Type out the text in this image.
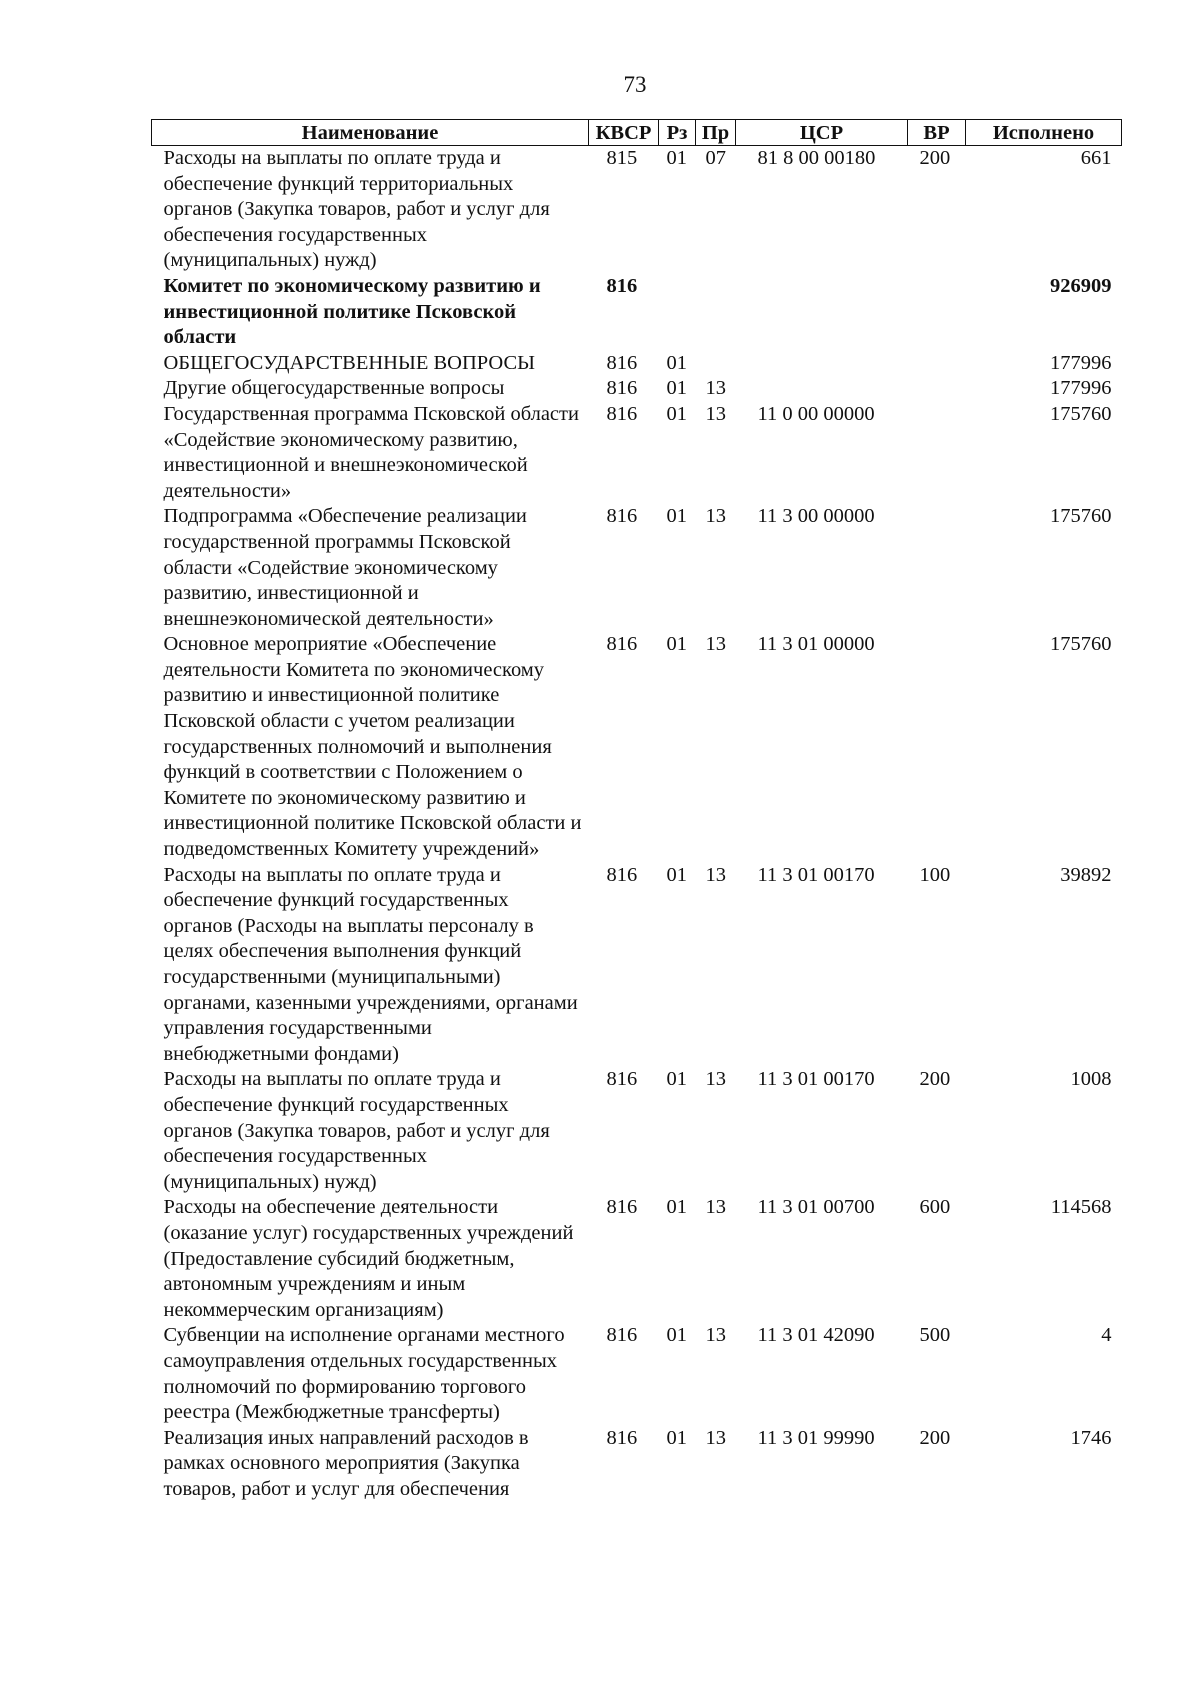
73
Наименование	КВСР	Рз	Пр	ЦСР	ВР	Исполнено
Расходы на выплаты по оплате труда и обеспечение функций территориальных органов (Закупка товаров, работ и услуг для обеспечения государственных (муниципальных) нужд)	815	01	07	81 8 00 00180	200	661
Комитет по экономическому развитию и инвестиционной политике Псковской области	816					926909
ОБЩЕГОСУДАРСТВЕННЫЕ ВОПРОСЫ	816	01				177996
Другие общегосударственные вопросы	816	01	13			177996
Государственная программа Псковской области «Содействие экономическому развитию, инвестиционной и внешнеэкономической деятельности»	816	01	13	11 0 00 00000		175760
Подпрограмма «Обеспечение реализации государственной программы Псковской области «Содействие экономическому развитию, инвестиционной и внешнеэкономической деятельности»	816	01	13	11 3 00 00000		175760
Основное мероприятие «Обеспечение деятельности Комитета по экономическому развитию и инвестиционной политике Псковской области с учетом реализации государственных полномочий и выполнения функций в соответствии с Положением о Комитете по экономическому развитию и инвестиционной политике Псковской области и подведомственных Комитету учреждений»	816	01	13	11 3 01 00000		175760
Расходы на выплаты по оплате труда и обеспечение функций государственных органов (Расходы на выплаты персоналу в целях обеспечения выполнения функций государственными (муниципальными) органами, казенными учреждениями, органами управления государственными внебюджетными фондами)	816	01	13	11 3 01 00170	100	39892
Расходы на выплаты по оплате труда и обеспечение функций государственных органов (Закупка товаров, работ и услуг для обеспечения государственных (муниципальных) нужд)	816	01	13	11 3 01 00170	200	1008
Расходы на обеспечение деятельности (оказание услуг) государственных учреждений (Предоставление субсидий бюджетным, автономным учреждениям и иным некоммерческим организациям)	816	01	13	11 3 01 00700	600	114568
Субвенции на исполнение органами местного самоуправления отдельных государственных полномочий по формированию торгового реестра (Межбюджетные трансферты)	816	01	13	11 3 01 42090	500	4
Реализация иных направлений расходов в рамках основного мероприятия (Закупка товаров, работ и услуг для обеспечения	816	01	13	11 3 01 99990	200	1746
